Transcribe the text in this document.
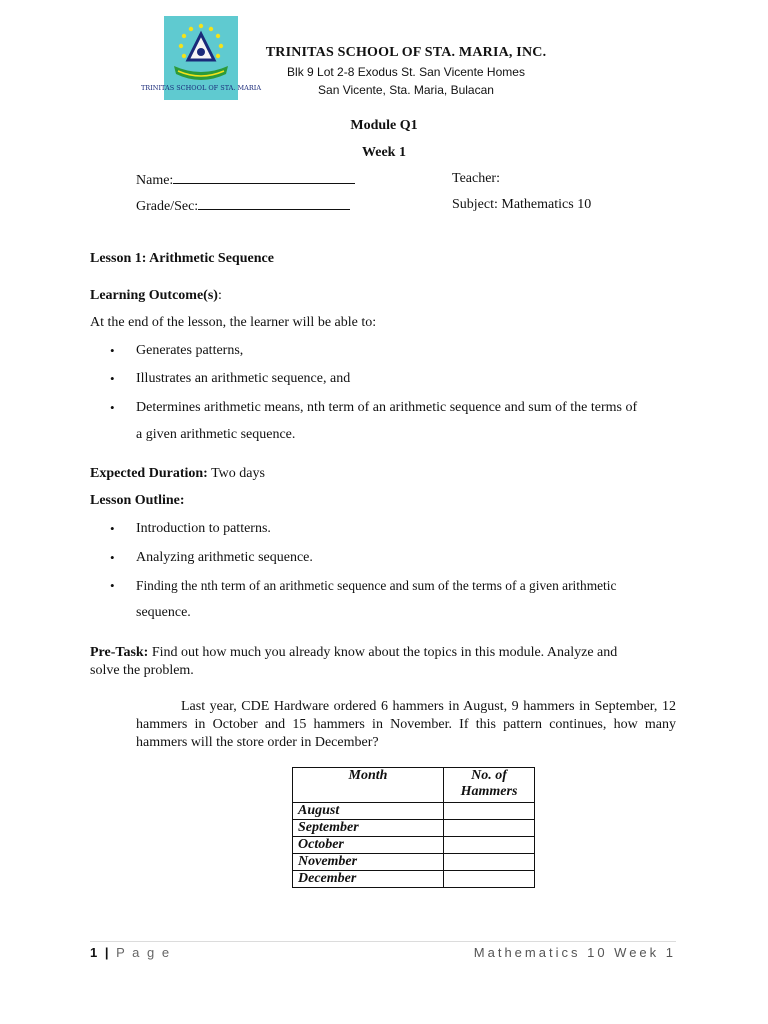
TRINITAS SCHOOL OF STA. MARIA
TRINITAS SCHOOL OF STA. MARIA, INC.
Blk 9 Lot 2-8 Exodus St. San Vicente Homes
San Vicente, Sta. Maria, Bulacan
Module Q1
Week 1
Name:	Teacher:
Grade/Sec:	Subject: Mathematics 10
Lesson 1: Arithmetic Sequence
Learning Outcome(s):
At the end of the lesson, the learner will be able to:
• Generates patterns,
• Illustrates an arithmetic sequence, and
• Determines arithmetic means, nth term of an arithmetic sequence and sum of the terms of
a given arithmetic sequence.
Expected Duration: Two days
Lesson Outline:
• Introduction to patterns.
• Analyzing arithmetic sequence.
• Finding the nth term of an arithmetic sequence and sum of the terms of a given arithmetic
sequence.
Pre-Task: Find out how much you already know about the topics in this module. Analyze and
solve the problem.
Last year, CDE Hardware ordered 6 hammers in August, 9 hammers in September, 12 hammers in October and 15 hammers in November. If this pattern continues, how many hammers will the store order in December?
Month	No. of Hammers
August	
September	
October	
November	
December	
1 | P a g e	Mathematics 10 Week 1
